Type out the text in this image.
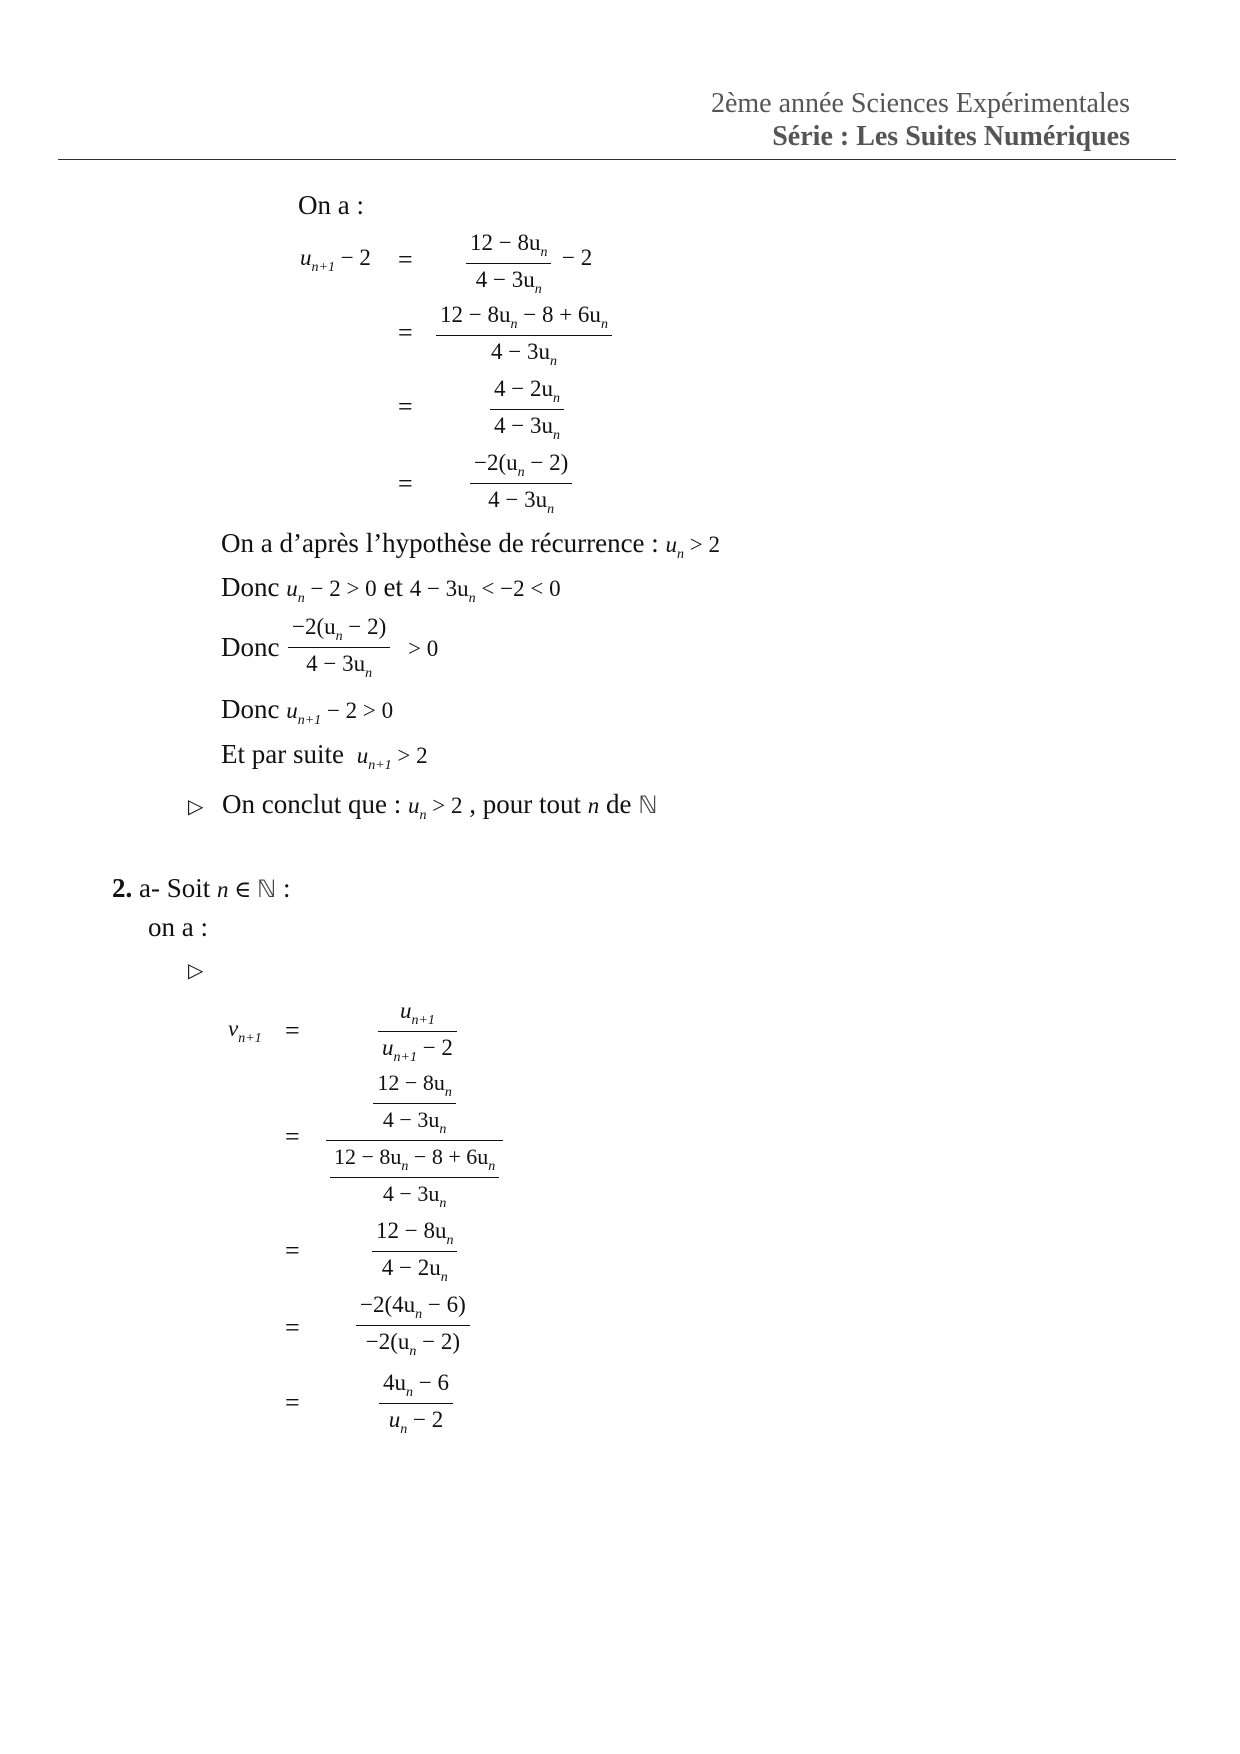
2ème année Sciences Expérimentales
Série : Les Suites Numériques
On a :
$u_{n+1} - 2$ =
$12 - 8u_n$
$4 - 3u_n$
− 2
=
$12 - 8u_n - 8 + 6u_n$
$4 - 3u_n$
=
$4 - 2u_n$
$4 - 3u_n$
=
$-2(u_n - 2)$
$4 - 3u_n$
On a d’après l’hypothèse de récurrence : $u_n > 2$
Donc $u_n - 2 > 0$ et $4 - 3u_n < -2 < 0$
Donc
$-2(u_n - 2)$
$4 - 3u_n$
> 0
Donc $u_{n+1} - 2 > 0$
Et par suite $u_{n+1} > 2$
▷ On conclut que : $u_n > 2$ , pour tout n de ℕ
2. a- Soit n ∈ ℕ :
on a :
▷
$v_{n+1}$ =
$u_{n+1}$
$u_{n+1} - 2$
=	$\frac{12 - 8u_n}{4 - 3u_n}$
$\frac{12 - 8u_n - 8 + 6u_n}{4 - 3u_n}$
=
$12 - 8u_n$
$4 - 2u_n$
=
$-2(4u_n - 6)$
$-2(u_n - 2)$
=
$4u_n - 6$
$u_n - 2$
